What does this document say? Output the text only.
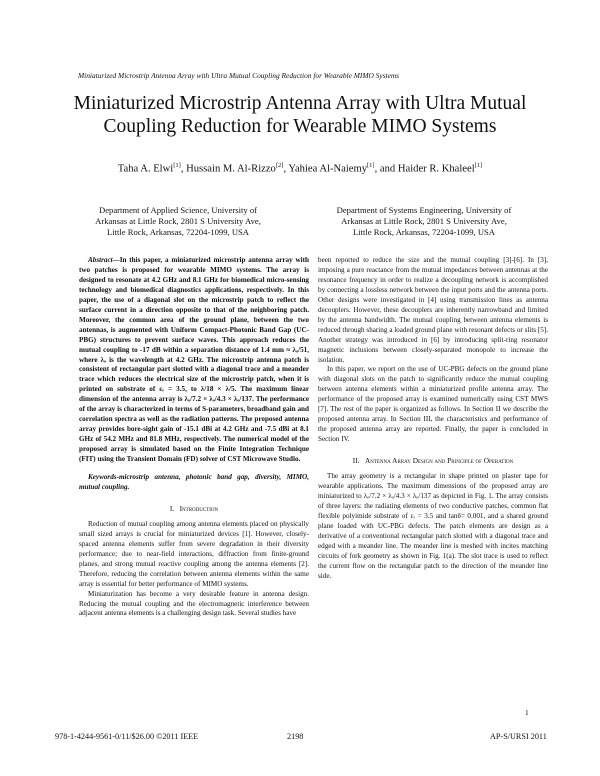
Miniaturized Microstrip Antenna Array with Ultra Mutual Coupling Reduction for Wearable MIMO Systems
Miniaturized Microstrip Antenna Array with Ultra Mutual Coupling Reduction for Wearable MIMO Systems
Taha A. Elwi[1], Hussain M. Al-Rizzo[2], Yahiea Al-Naiemy[1], and Haider R. Khaleel[1]
Department of Applied Science, University of
Arkansas at Little Rock, 2801 S University Ave,
Little Rock, Arkansas, 72204-1099, USA
Department of Systems Engineering, University of
Arkansas at Little Rock, 2801 S University Ave,
Little Rock, Arkansas, 72204-1099, USA

Abstract—In this paper, a miniaturized microstrip antenna array with two patches is proposed for wearable MIMO systems. The array is designed to resonate at 4.2 GHz and 8.1 GHz for biomedical micro-sensing technology and biomedical diagnostics applications, respectively. In this paper, the use of a diagonal slot on the microstrip patch to reflect the surface current in a direction opposite to that of the neighboring patch. Moreover, the common area of the ground plane, between the two antennas, is augmented with Uniform Compact-Photonic Band Gap (UC-PBG) structures to prevent surface waves. This approach reduces the mutual coupling to -17 dB within a separation distance of 1.4 mm ≈ λₒ/51, where λₒ is the wavelength at 4.2 GHz. The microstrip antenna patch is consistent of rectangular part slotted with a diagonal trace and a meander trace which reduces the electrical size of the microstrip patch, when it is printed on substrate of εᵣ = 3.5, to λ/18 × λ/5. The maximum linear dimension of the antenna array is λₒ/7.2 × λₒ/4.3 × λₒ/137. The performance of the array is characterized in terms of S-parameters, broadband gain and correlation spectra as well as the radiation patterns. The proposed antenna array provides bore-sight gain of -15.1 dBi at 4.2 GHz and -7.5 dBi at 8.1 GHz of 54.2 MHz and 81.8 MHz, respectively. The numerical model of the proposed array is simulated based on the Finite Integration Technique (FIT) using the Transient Domain (FD) solver of CST Microwave Studio.

Keywords-microstrip antenna, photonic band gap, diversity, MIMO, mutual coupling.

I. Introduction

Reduction of mutual coupling among antenna elements placed on physically small sized arrays is crucial for miniaturized devices [1]. However, closely-spaced antenna elements suffer from severe degradation in their diversity performance; due to near-field interactions, diffraction from finite-ground planes, and strong mutual reactive coupling among the antenna elements [2]. Therefore, reducing the correlation between antenna elements within the same array is essential for better performance of MIMO systems.

Miniaturization has become a very desirable feature in antenna design. Reducing the mutual coupling and the electromagnetic interference between adjacent antenna elements is a challenging design task. Several studies have

been reported to reduce the size and the mutual coupling [3]-[6]. In [3], imposing a pure reactance from the mutual impedances between antennas at the resonance frequency in order to realize a decoupling network is accomplished by connecting a lossless network between the input ports and the antenna ports. Other designs were investigated in [4] using transmission lines as antenna decouplers. However, these decouplers are inherently narrowband and limited by the antenna bandwidth. The mutual coupling between antenna elements is reduced through sharing a loaded ground plane with resonant defects or slits [5]. Another strategy was introduced in [6] by introducing split-ring resonator magnetic inclusions between closely-separated monopole to increase the isolation.

In this paper, we report on the use of UC-PBG defects on the ground plane with diagonal slots on the patch to significantly reduce the mutual coupling between antenna elements within a miniaturized profile antenna array. The performance of the proposed array is examined numerically using CST MWS [7]. The rest of the paper is organized as follows. In Section II we describe the proposed antenna array. In Section III, the characteristics and performance of the proposed antenna array are reported. Finally, the paper is concluded in Section IV.

II. Antenna Array Design and Principle of Operation

The array geometry is a rectangular in shape printed on plaster tape for wearable applications. The maximum dimensions of the proposed array are miniaturized to λₒ/7.2 × λₒ/4.3 × λₒ/137 as depicted in Fig. 1. The array consists of three layers: the radiating elements of two conductive patches, common flat flexible polyimide substrate of εᵣ = 3.5 and tanδ= 0.001, and a shared ground plane loaded with UC-PBG defects. The patch elements are design as a derivative of a conventional rectangular patch slotted with a diagonal trace and edged with a meander line. The meander line is meshed with incites matching circuits of fork geometry as shown in Fig. 1(a). The slot trace is used to reflect the current flow on the rectangular patch to the direction of the meander line side.

1
978-1-4244-9561-0/11/$26.00 ©2011 IEEE	2198	AP-S/URSI 2011
